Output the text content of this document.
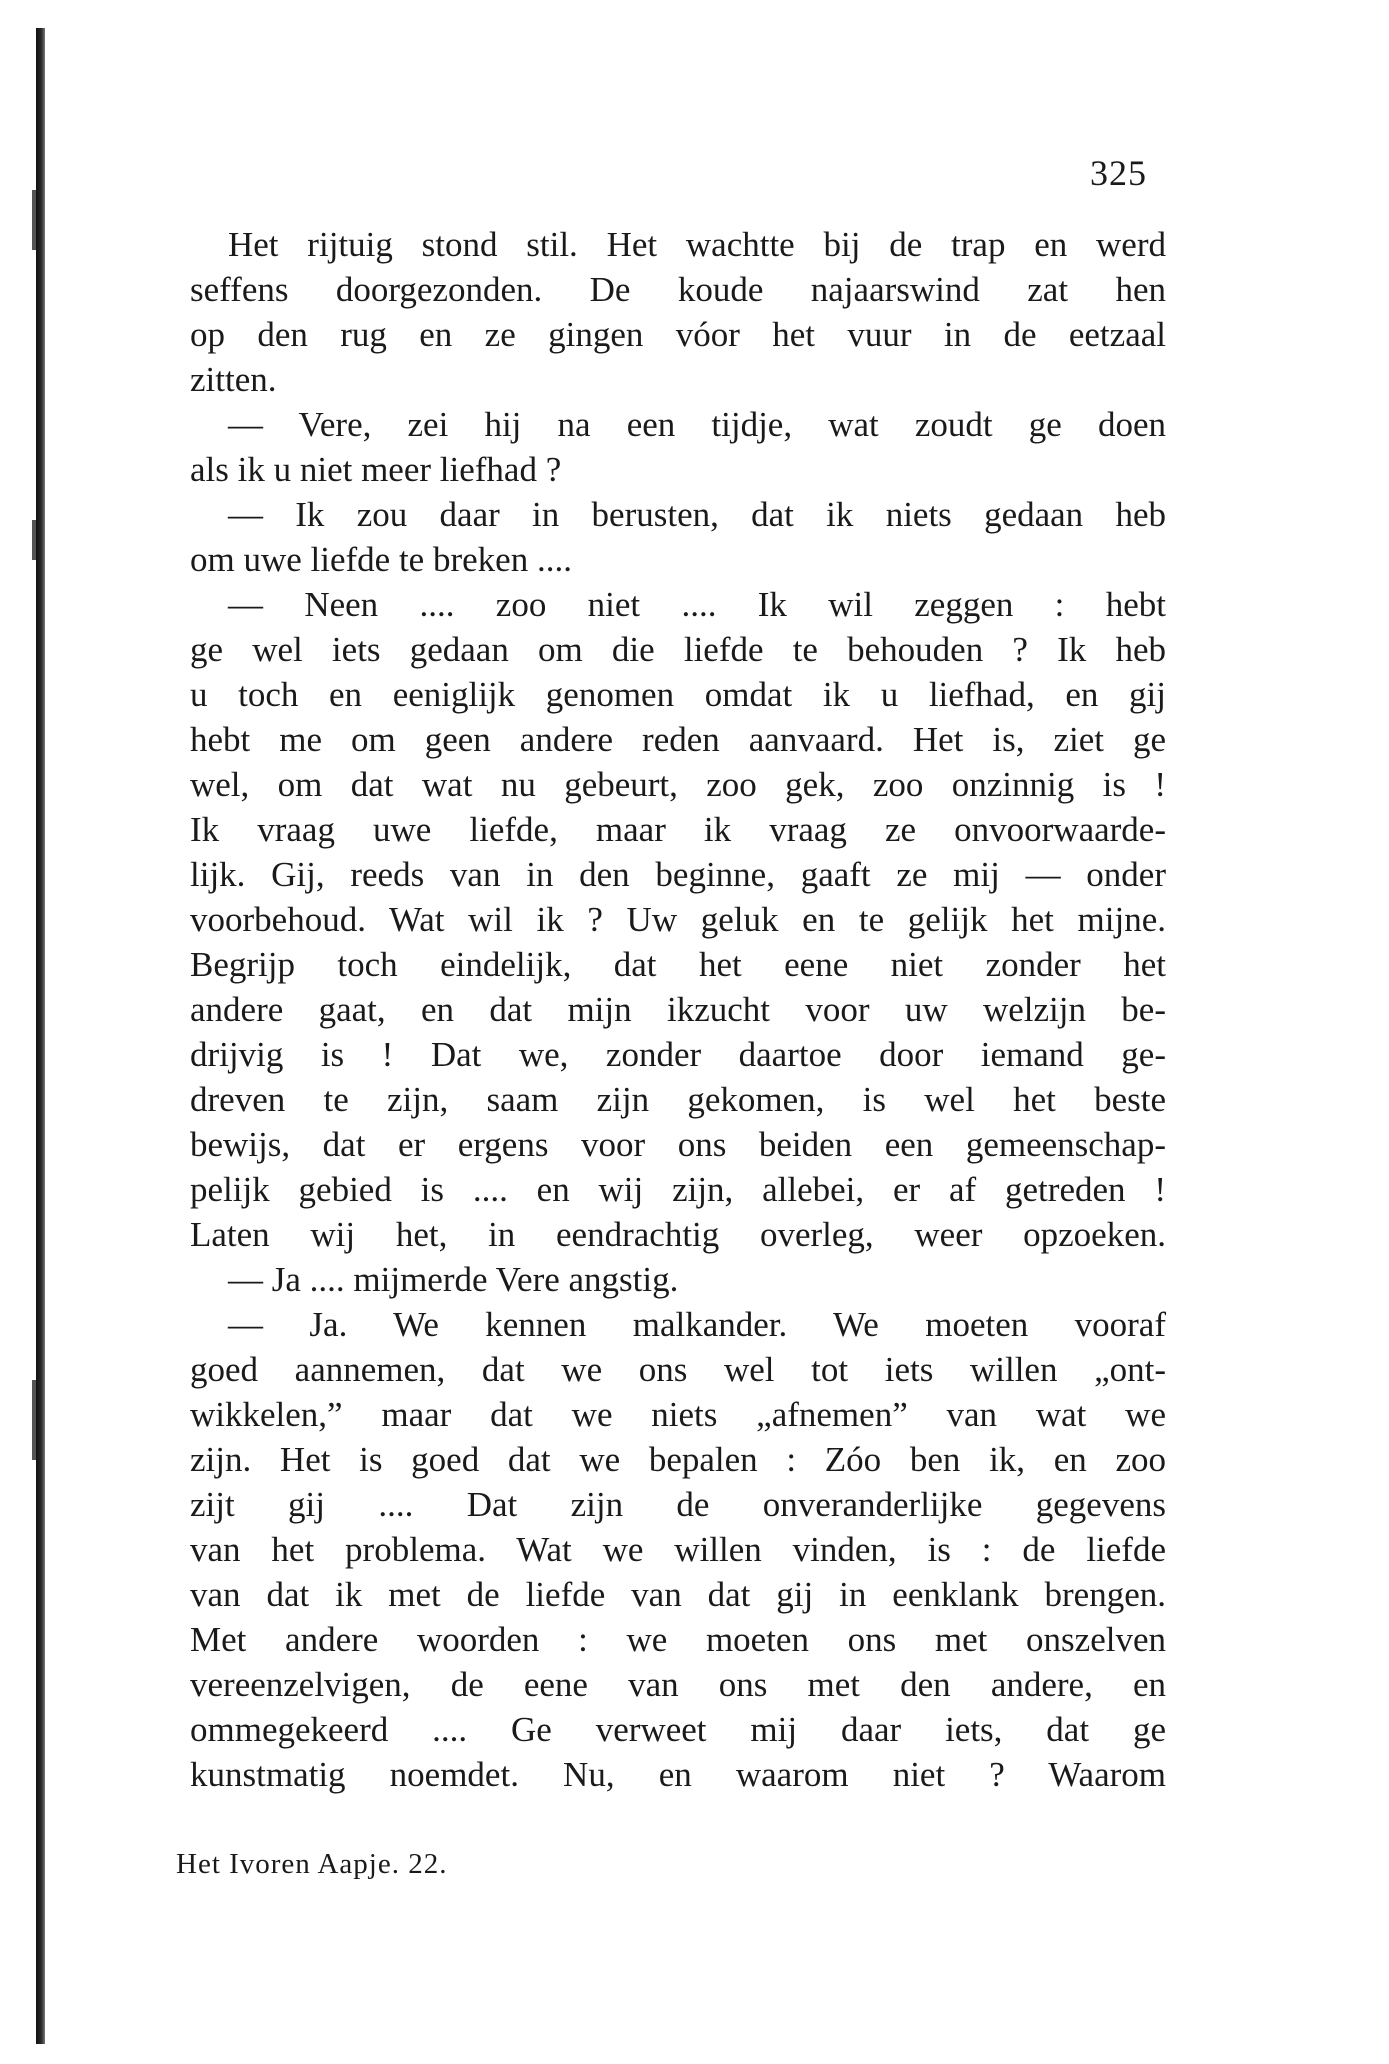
325
Het rijtuig stond stil. Het wachtte bij de trap en werd
seffens doorgezonden. De koude najaarswind zat hen
op den rug en ze gingen vóor het vuur in de eetzaal
zitten.
— Vere, zei hij na een tijdje, wat zoudt ge doen
als ik u niet meer liefhad ?
— Ik zou daar in berusten, dat ik niets gedaan heb
om uwe liefde te breken ....
— Neen .... zoo niet .... Ik wil zeggen : hebt
ge wel iets gedaan om die liefde te behouden ? Ik heb
u toch en eeniglijk genomen omdat ik u liefhad, en gij
hebt me om geen andere reden aanvaard. Het is, ziet ge
wel, om dat wat nu gebeurt, zoo gek, zoo onzinnig is !
Ik vraag uwe liefde, maar ik vraag ze onvoorwaarde-
lijk. Gij, reeds van in den beginne, gaaft ze mij — onder
voorbehoud. Wat wil ik ? Uw geluk en te gelijk het mijne.
Begrijp toch eindelijk, dat het eene niet zonder het
andere gaat, en dat mijn ikzucht voor uw welzijn be-
drijvig is ! Dat we, zonder daartoe door iemand ge-
dreven te zijn, saam zijn gekomen, is wel het beste
bewijs, dat er ergens voor ons beiden een gemeenschap-
pelijk gebied is .... en wij zijn, allebei, er af getreden !
Laten wij het, in eendrachtig overleg, weer opzoeken.
— Ja .... mijmerde Vere angstig.
— Ja. We kennen malkander. We moeten vooraf
goed aannemen, dat we ons wel tot iets willen „ont-
wikkelen,” maar dat we niets „afnemen” van wat we
zijn. Het is goed dat we bepalen : Zóo ben ik, en zoo
zijt gij .... Dat zijn de onveranderlijke gegevens
van het problema. Wat we willen vinden, is : de liefde
van dat ik met de liefde van dat gij in eenklank brengen.
Met andere woorden : we moeten ons met onszelven
vereenzelvigen, de eene van ons met den andere, en
ommegekeerd .... Ge verweet mij daar iets, dat ge
kunstmatig noemdet. Nu, en waarom niet ? Waarom
Het Ivoren Aapje. 22.
